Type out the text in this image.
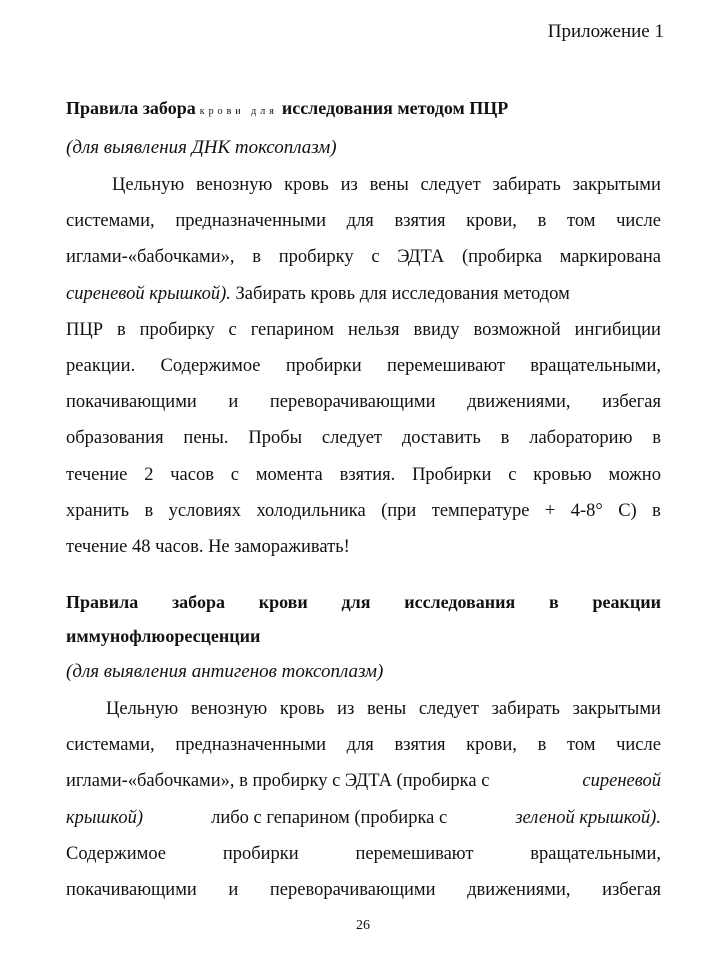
Приложение 1
Правила забора крови для исследования методом ПЦР
(для выявления ДНК токсоплазм)
Цельную венозную кровь из вены следует забирать закрытыми
системами, предназначенными для взятия крови, в том числе
иглами-«бабочками», в пробирку с ЭДТА (пробирка маркирована
сиреневой крышкой). Забирать кровь для исследования методом
ПЦР в пробирку с гепарином нельзя ввиду возможной ингибиции
реакции. Содержимое пробирки перемешивают вращательными,
покачивающими и переворачивающими движениями, избегая
образования пены. Пробы следует доставить в лабораторию в
течение 2 часов с момента взятия. Пробирки с кровью можно
хранить в условиях холодильника (при температуре + 4-8° С) в
течение 48 часов. Не замораживать!
Правила забора крови для исследования в реакции
иммунофлюоресценции
(для выявления антигенов токсоплазм)
Цельную венозную кровь из вены следует забирать закрытыми
системами, предназначенными для взятия крови, в том числе
иглами-«бабочками», в пробирку с ЭДТА (пробирка с	сиреневой
крышкой)	либо с гепарином (пробирка с	зеленой крышкой).
Содержимое	пробирки	перемешивают	вращательными,
покачивающими и переворачивающими движениями, избегая
26
